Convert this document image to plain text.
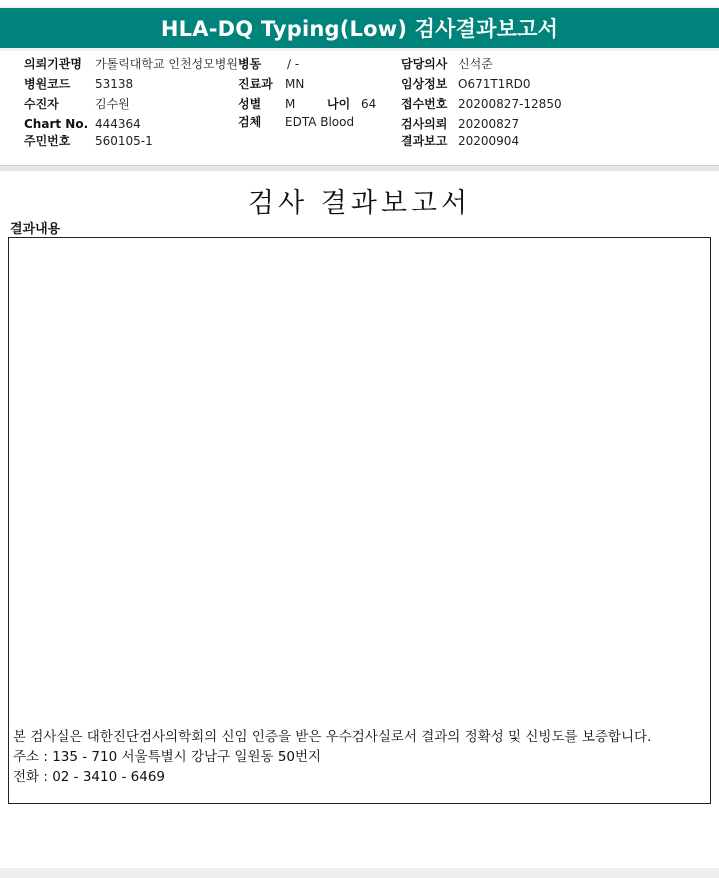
HLA-DQ Typing(Low) 검사결과보고서
의뢰기관명 가톨릭대학교 인천성모병원 병동 / -	담당의사 신석준
병원코드 53138	진료과 MN	임상정보 O671T1RD0
수진자	김수원	성별 M	나이 64 접수번호 20200827-12850
Chart No. 444364	검체 EDTA Blood	검사의뢰 20200827
주민번호 560105-1	결과보고 20200904
검사 결과보고서
결과내용
본 검사실은 대한진단검사의학회의 신임 인증을 받은 우수검사실로서 결과의 정확성 및 신빙도를 보증합니다.
주소 : 135 - 710 서울특별시 강남구 일원동 50번지
전화 : 02 - 3410 - 6469
